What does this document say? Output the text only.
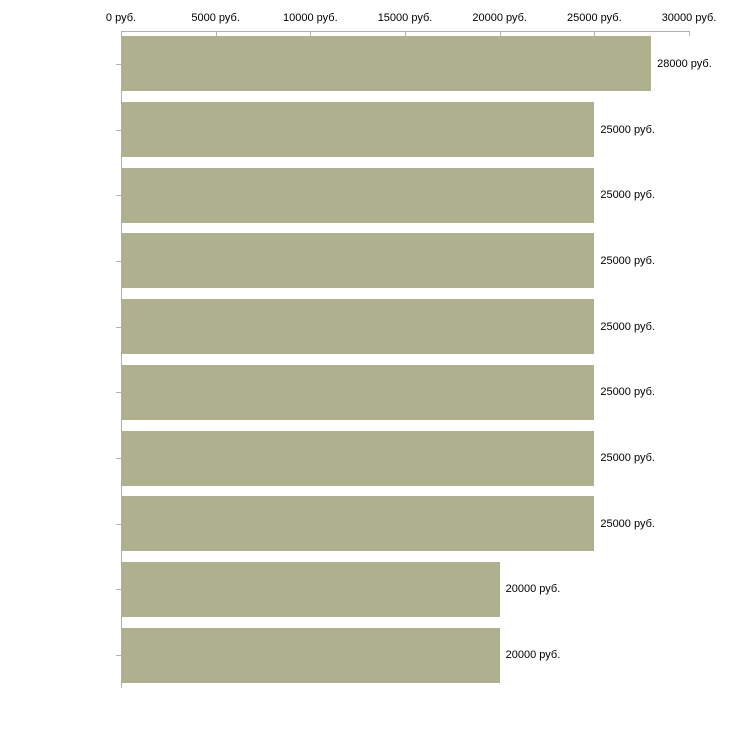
0 руб.	5000 руб.	10000 руб.	15000 руб.	20000 руб.	25000 руб.	30000 руб.
28000 руб.
25000 руб.
25000 руб.
25000 руб.
25000 руб.
25000 руб.
25000 руб.
25000 руб.
20000 руб.
20000 руб.
